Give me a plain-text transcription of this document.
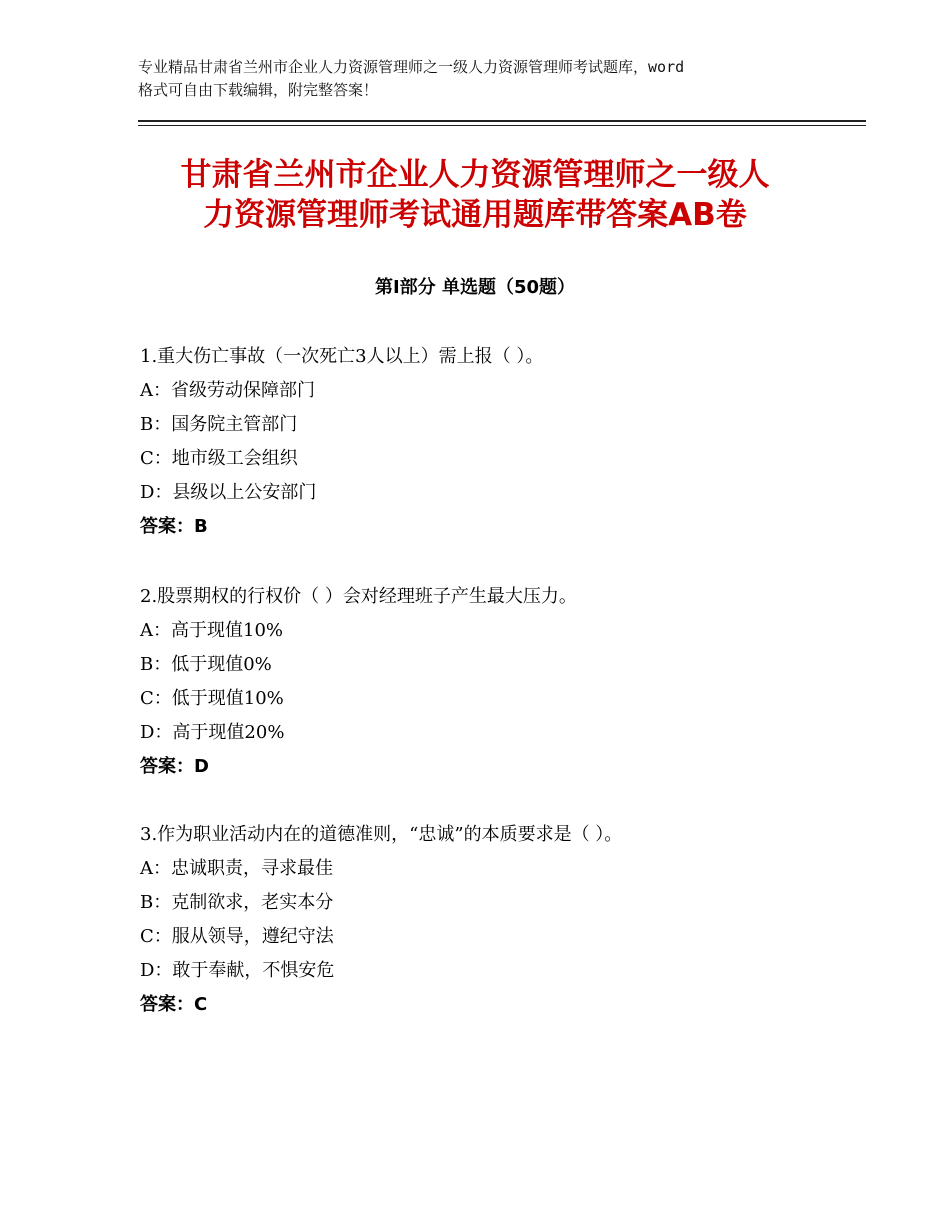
专业精品甘肃省兰州市企业人力资源管理师之一级人力资源管理师考试题库，word
格式可自由下载编辑，附完整答案！
甘肃省兰州市企业人力资源管理师之一级人
力资源管理师考试通用题库带答案AB卷
第Ⅰ部分 单选题（50题）
1.重大伤亡事故（一次死亡3人以上）需上报（ ）。
A：省级劳动保障部门
B：国务院主管部门
C：地市级工会组织
D：县级以上公安部门
答案：B
2.股票期权的行权价（ ）会对经理班子产生最大压力。
A：高于现值10%
B：低于现值0%
C：低于现值10%
D：高于现值20%
答案：D
3.作为职业活动内在的道德准则，“忠诚”的本质要求是（ ）。
A：忠诚职责，寻求最佳
B：克制欲求，老实本分
C：服从领导，遵纪守法
D：敢于奉献，不惧安危
答案：C
